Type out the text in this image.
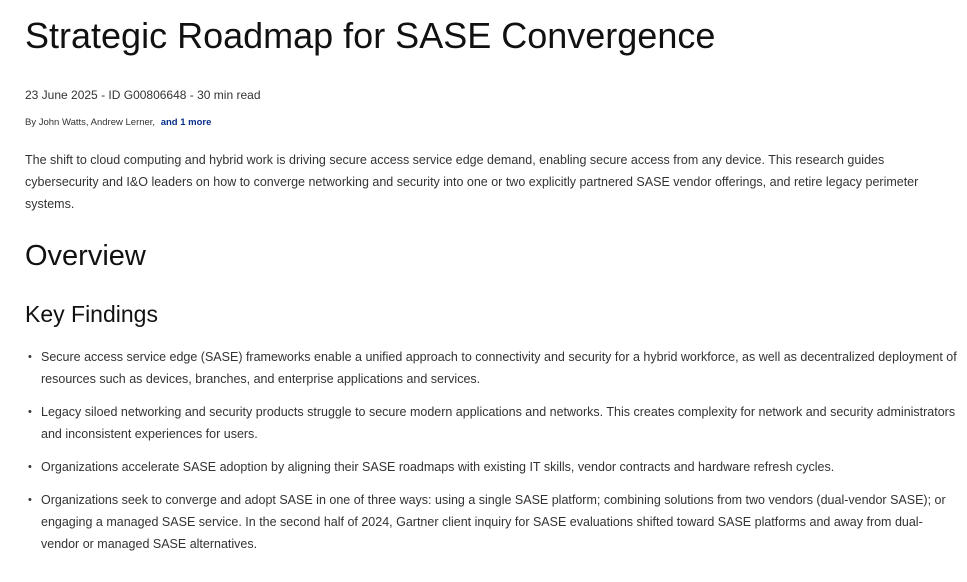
Strategic Roadmap for SASE Convergence
23 June 2025 - ID G00806648 - 30 min read
By John Watts, Andrew Lerner, and 1 more

The shift to cloud computing and hybrid work is driving secure access service edge demand, enabling secure access from any device. This research guides cybersecurity and I&O leaders on how to converge networking and security into one or two explicitly partnered SASE vendor offerings, and retire legacy perimeter systems.

Overview
Key Findings
• Secure access service edge (SASE) frameworks enable a unified approach to connectivity and security for a hybrid workforce, as well as decentralized deployment of resources such as devices, branches, and enterprise applications and services.
• Legacy siloed networking and security products struggle to secure modern applications and networks. This creates complexity for network and security administrators and inconsistent experiences for users.
• Organizations accelerate SASE adoption by aligning their SASE roadmaps with existing IT skills, vendor contracts and hardware refresh cycles.
• Organizations seek to converge and adopt SASE in one of three ways: using a single SASE platform; combining solutions from two vendors (dual-vendor SASE); or engaging a managed SASE service. In the second half of 2024, Gartner client inquiry for SASE evaluations shifted toward SASE platforms and away from dual-vendor or managed SASE alternatives.
